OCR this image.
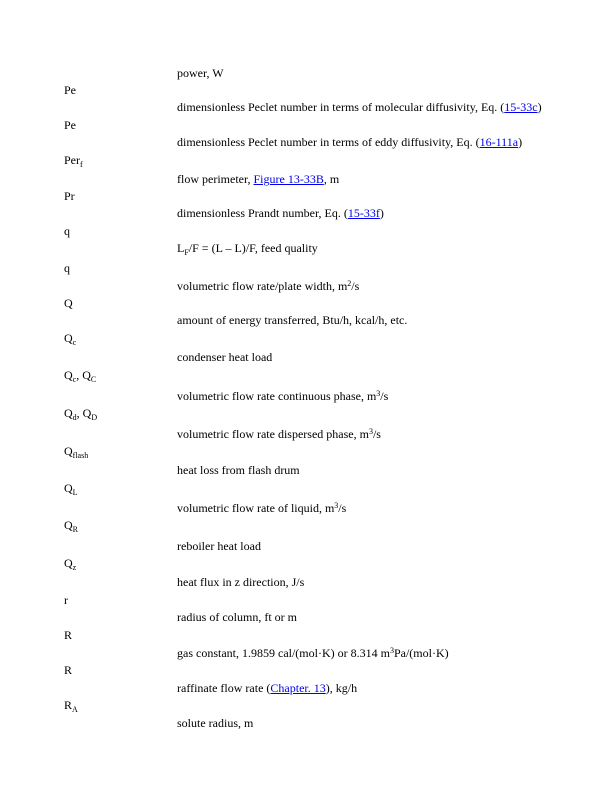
power, W
Pe
dimensionless Peclet number in terms of molecular diffusivity, Eq. (15-33c)
Pe
dimensionless Peclet number in terms of eddy diffusivity, Eq. (16-111a)
Per$_f$
flow perimeter, Figure 13-33B, m
Pr
dimensionless Prandt number, Eq. (15-33f)
q
$L_F/F = (L - L)/F$, feed quality
q
volumetric flow rate/plate width, $m^2/s$
Q
amount of energy transferred, Btu/h, kcal/h, etc.
$Q_c$
condenser heat load
$Q_c$, $Q_C$
volumetric flow rate continuous phase, $m^3/s$
$Q_d$, $Q_D$
volumetric flow rate dispersed phase, $m^3/s$
$Q_{flash}$
heat loss from flash drum
$Q_L$
volumetric flow rate of liquid, $m^3/s$
$Q_R$
reboiler heat load
$Q_z$
heat flux in z direction, J/s
r
radius of column, ft or m
R
gas constant, 1.9859 cal/(mol·K) or 8.314 $m^3Pa/(mol\cdot K)$
R
raffinate flow rate (Chapter. 13), kg/h
$R_A$
solute radius, m
